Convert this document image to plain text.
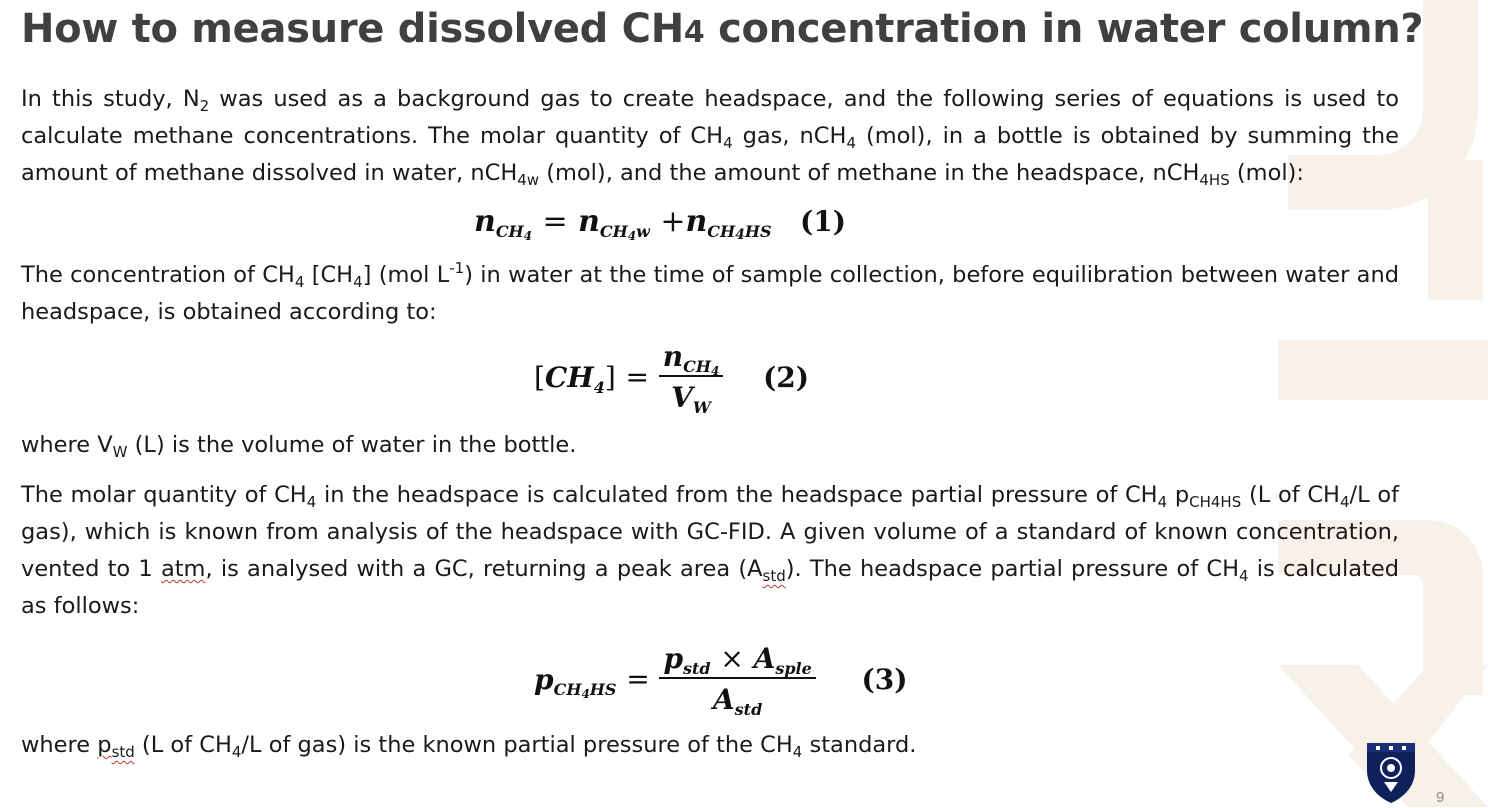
How to measure dissolved CH4 concentration in water column?

In this study, $N_2$ was used as a background gas to create headspace, and the following series of equations is used to calculate methane concentrations. The molar quantity of $CH_4$ gas, nCH$_4$ (mol), in a bottle is obtained by summing the amount of methane dissolved in water, nCH$_{4w}$ (mol), and the amount of methane in the headspace, nCH$_{4HS}$ (mol):

$n_{CH_4} = n_{CH_4w} +n_{CH4HS}$ (1)

The concentration of $CH_4$ $[CH_4]$ (mol $L^{-1}$) in water at the time of sample collection, before equilibration between water and headspace, is obtained according to:

$[CH_4] = \frac{n_{CH_4}}{V_W} (2)$

where $V_W$ (L) is the volume of water in the bottle.

The molar quantity of $CH_4$ in the headspace is calculated from the headspace partial pressure of $CH_4$ $p_{CH4HS}$ (L of $CH_4/L$ of gas), which is known from analysis of the headspace with GC-FID. A given volume of a standard of known concentration, vented to 1 atm, is analysed with a GC, returning a peak area $(A_{std})$. The headspace partial pressure of $CH_4$ is calculated as follows:

$p_{CH_4HS} = \frac{p_{std} \times A_{sple}}{A_{std}} (3)$

where $p_{std}$ (L of $CH_4/L$ of gas) is the known partial pressure of the $CH_4$ standard.

9
